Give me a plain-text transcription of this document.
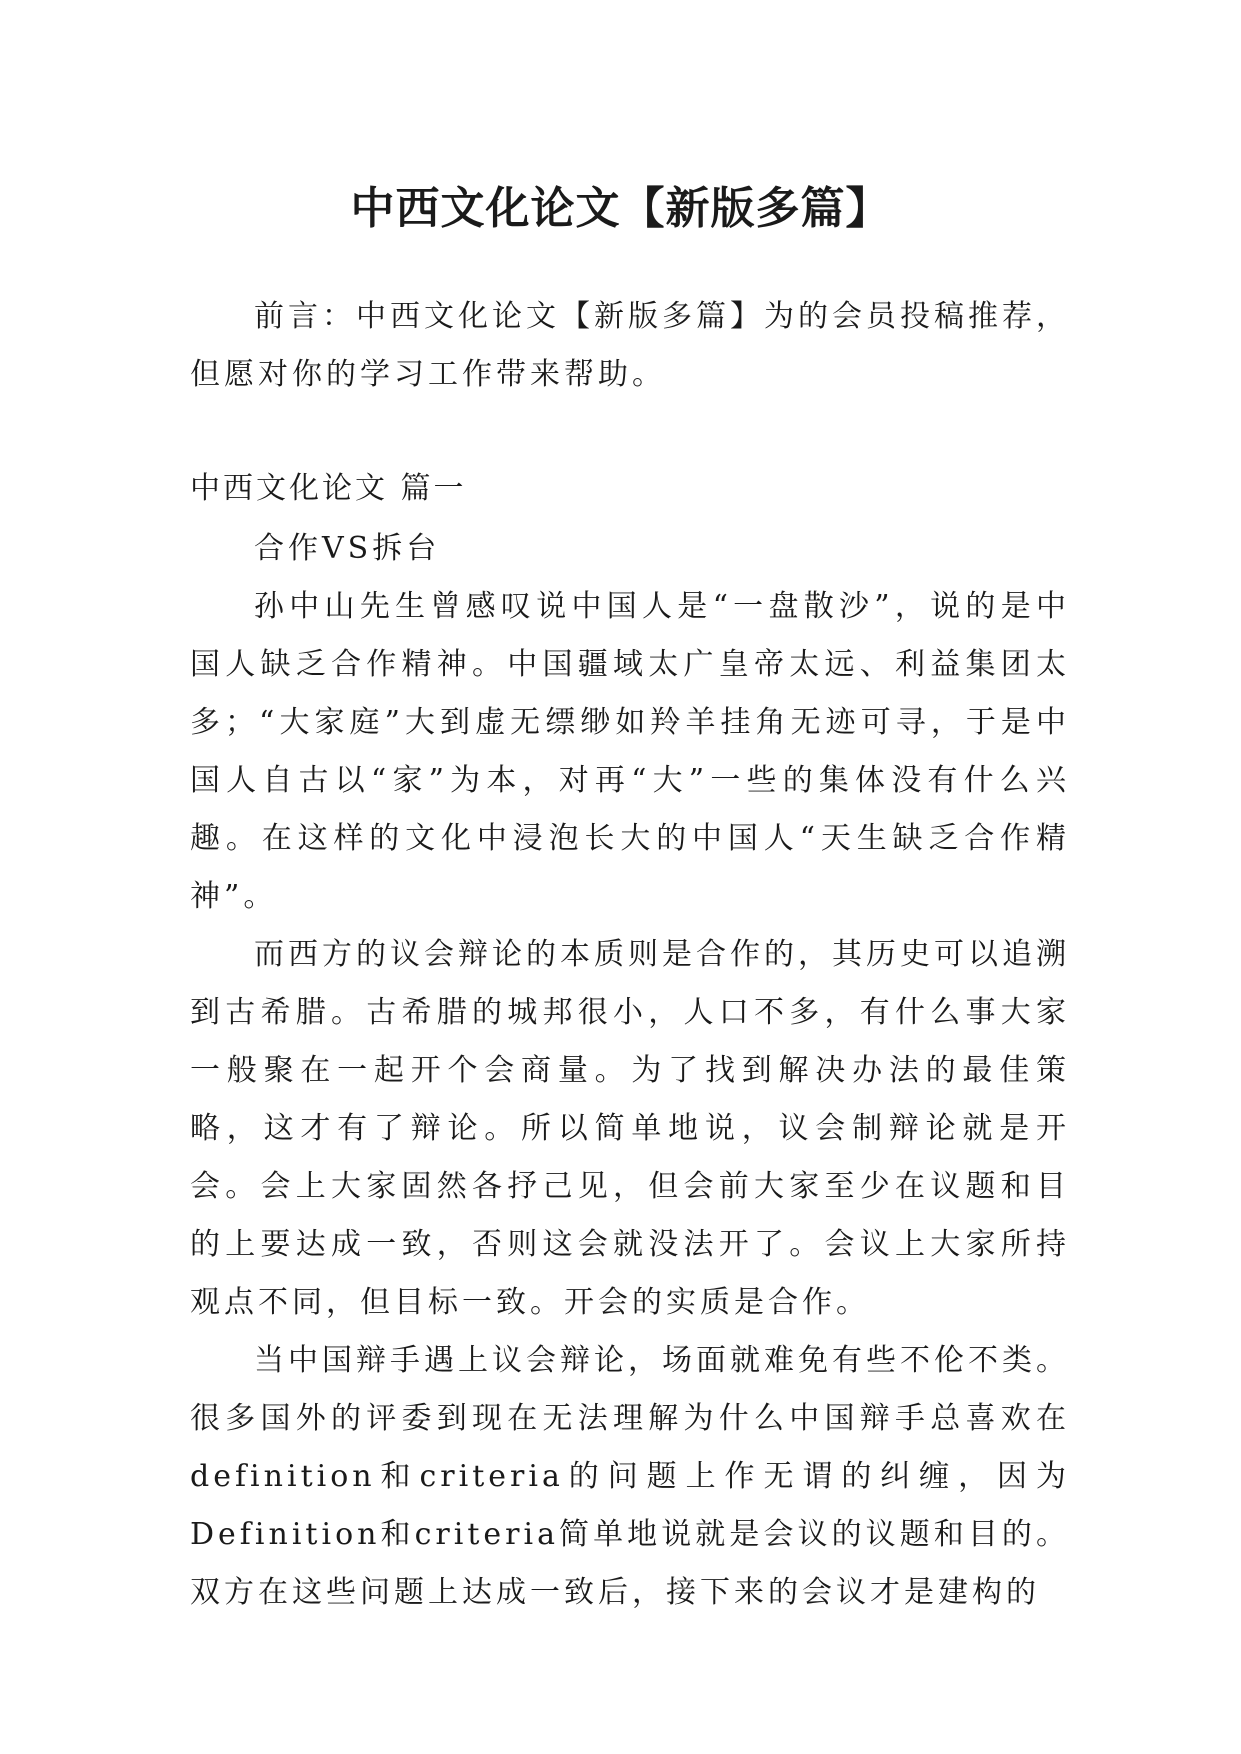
中西文化论文【新版多篇】

前言：中西文化论文【新版多篇】为的会员投稿推荐，但愿对你的学习工作带来帮助。

中西文化论文 篇一

合作VS拆台

孙中山先生曾感叹说中国人是“一盘散沙”，说的是中国人缺乏合作精神。中国疆域太广皇帝太远、利益集团太多；“大家庭”大到虚无缥缈如羚羊挂角无迹可寻，于是中国人自古以“家”为本，对再“大”一些的集体没有什么兴趣。在这样的文化中浸泡长大的中国人“天生缺乏合作精神”。

而西方的议会辩论的本质则是合作的，其历史可以追溯到古希腊。古希腊的城邦很小，人口不多，有什么事大家一般聚在一起开个会商量。为了找到解决办法的最佳策略，这才有了辩论。所以简单地说，议会制辩论就是开会。会上大家固然各抒己见，但会前大家至少在议题和目的上要达成一致，否则这会就没法开了。会议上大家所持观点不同，但目标一致。开会的实质是合作。

当中国辩手遇上议会辩论，场面就难免有些不伦不类。很多国外的评委到现在无法理解为什么中国辩手总喜欢在definition和criteria的问题上作无谓的纠缠，因为Definition和criteria简单地说就是会议的议题和目的。双方在这些问题上达成一致后，接下来的会议才是建构的
